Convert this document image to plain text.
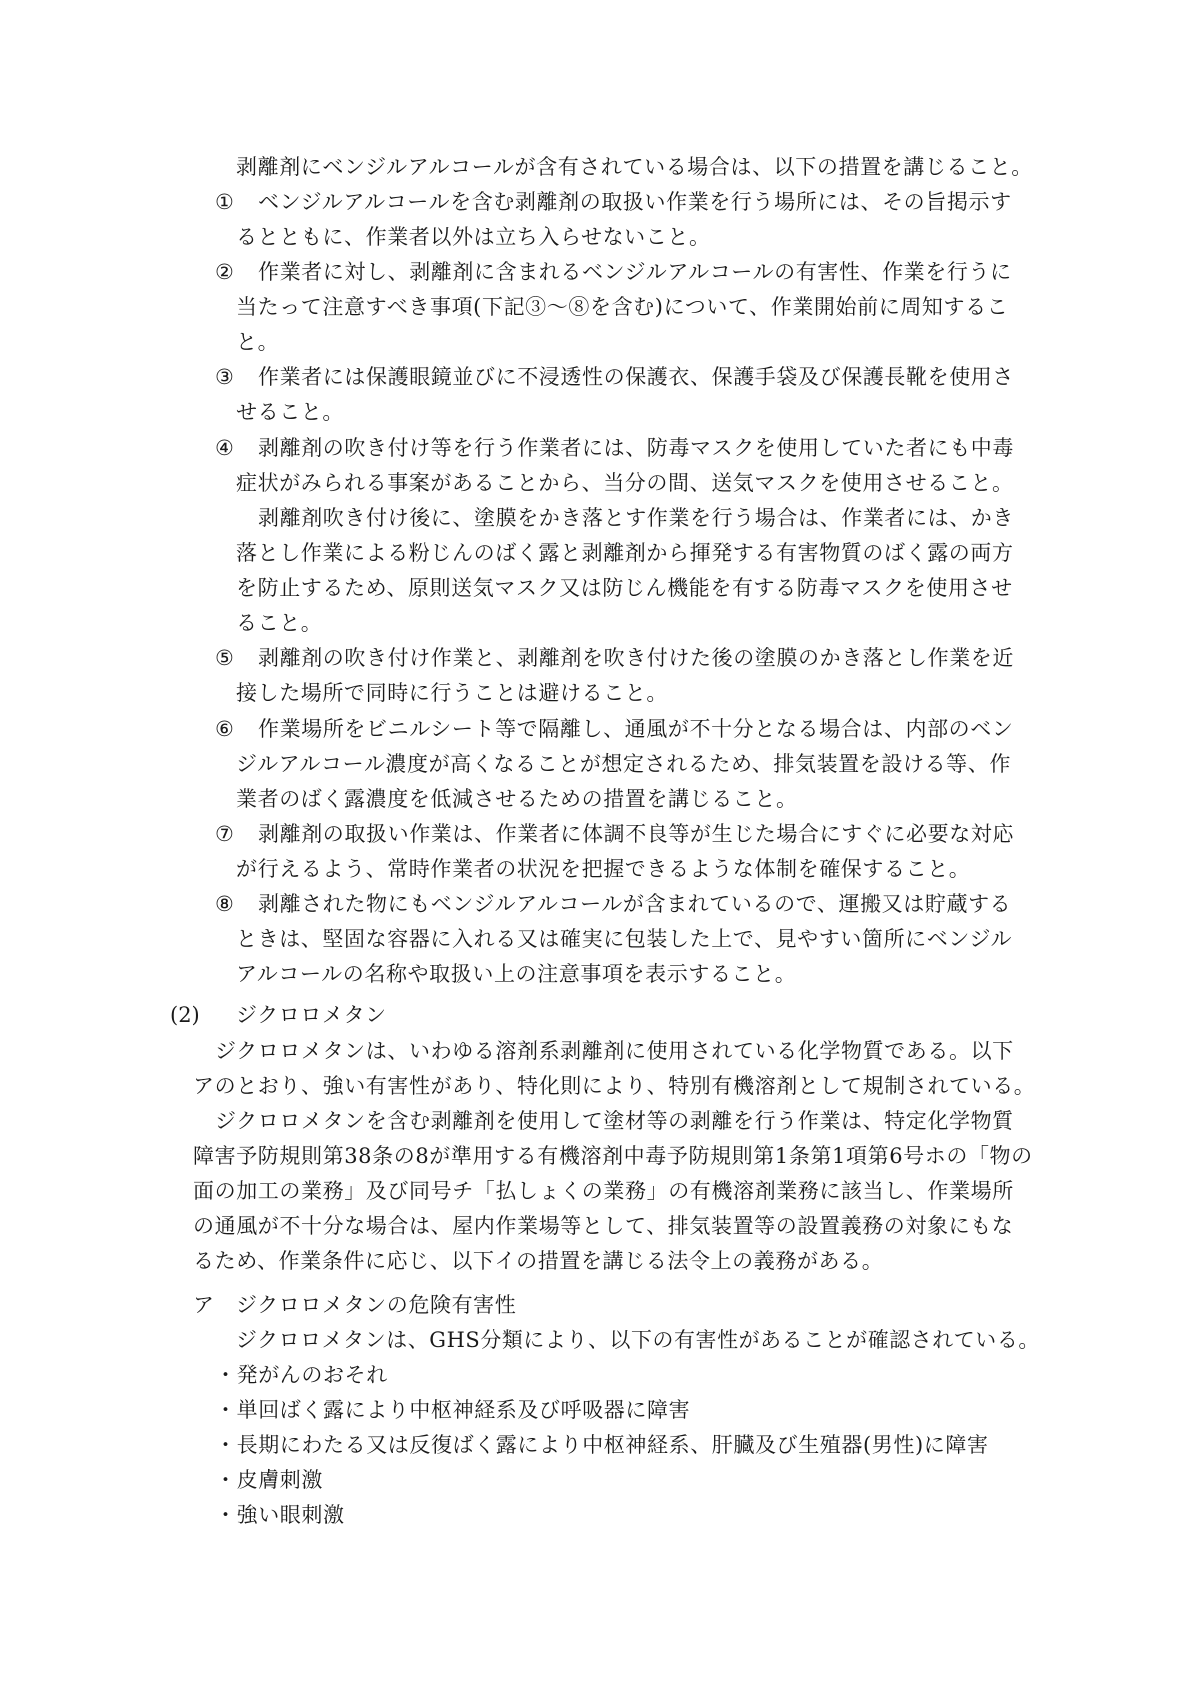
剥離剤にベンジルアルコールが含有されている場合は、以下の措置を講じること。
① ベンジルアルコールを含む剥離剤の取扱い作業を行う場所には、その旨掲示す
るとともに、作業者以外は立ち入らせないこと。
② 作業者に対し、剥離剤に含まれるベンジルアルコールの有害性、作業を行うに
当たって注意すべき事項(下記③～⑧を含む)について、作業開始前に周知するこ
と。
③ 作業者には保護眼鏡並びに不浸透性の保護衣、保護手袋及び保護長靴を使用さ
せること。
④ 剥離剤の吹き付け等を行う作業者には、防毒マスクを使用していた者にも中毒
症状がみられる事案があることから、当分の間、送気マスクを使用させること。
剥離剤吹き付け後に、塗膜をかき落とす作業を行う場合は、作業者には、かき
落とし作業による粉じんのばく露と剥離剤から揮発する有害物質のばく露の両方
を防止するため、原則送気マスク又は防じん機能を有する防毒マスクを使用させ
ること。
⑤ 剥離剤の吹き付け作業と、剥離剤を吹き付けた後の塗膜のかき落とし作業を近
接した場所で同時に行うことは避けること。
⑥ 作業場所をビニルシート等で隔離し、通風が不十分となる場合は、内部のベン
ジルアルコール濃度が高くなることが想定されるため、排気装置を設ける等、作
業者のばく露濃度を低減させるための措置を講じること。
⑦ 剥離剤の取扱い作業は、作業者に体調不良等が生じた場合にすぐに必要な対応
が行えるよう、常時作業者の状況を把握できるような体制を確保すること。
⑧ 剥離された物にもベンジルアルコールが含まれているので、運搬又は貯蔵する
ときは、堅固な容器に入れる又は確実に包装した上で、見やすい箇所にベンジル
アルコールの名称や取扱い上の注意事項を表示すること。
(2) ジクロロメタン
ジクロロメタンは、いわゆる溶剤系剥離剤に使用されている化学物質である。以下
アのとおり、強い有害性があり、特化則により、特別有機溶剤として規制されている。
ジクロロメタンを含む剥離剤を使用して塗材等の剥離を行う作業は、特定化学物質
障害予防規則第38条の8が準用する有機溶剤中毒予防規則第1条第1項第6号ホの「物の
面の加工の業務」及び同号チ「払しょくの業務」の有機溶剤業務に該当し、作業場所
の通風が不十分な場合は、屋内作業場等として、排気装置等の設置義務の対象にもな
るため、作業条件に応じ、以下イの措置を講じる法令上の義務がある。
ア ジクロロメタンの危険有害性
ジクロロメタンは、GHS分類により、以下の有害性があることが確認されている。
・発がんのおそれ
・単回ばく露により中枢神経系及び呼吸器に障害
・長期にわたる又は反復ばく露により中枢神経系、肝臓及び生殖器(男性)に障害
・皮膚刺激
・強い眼刺激
